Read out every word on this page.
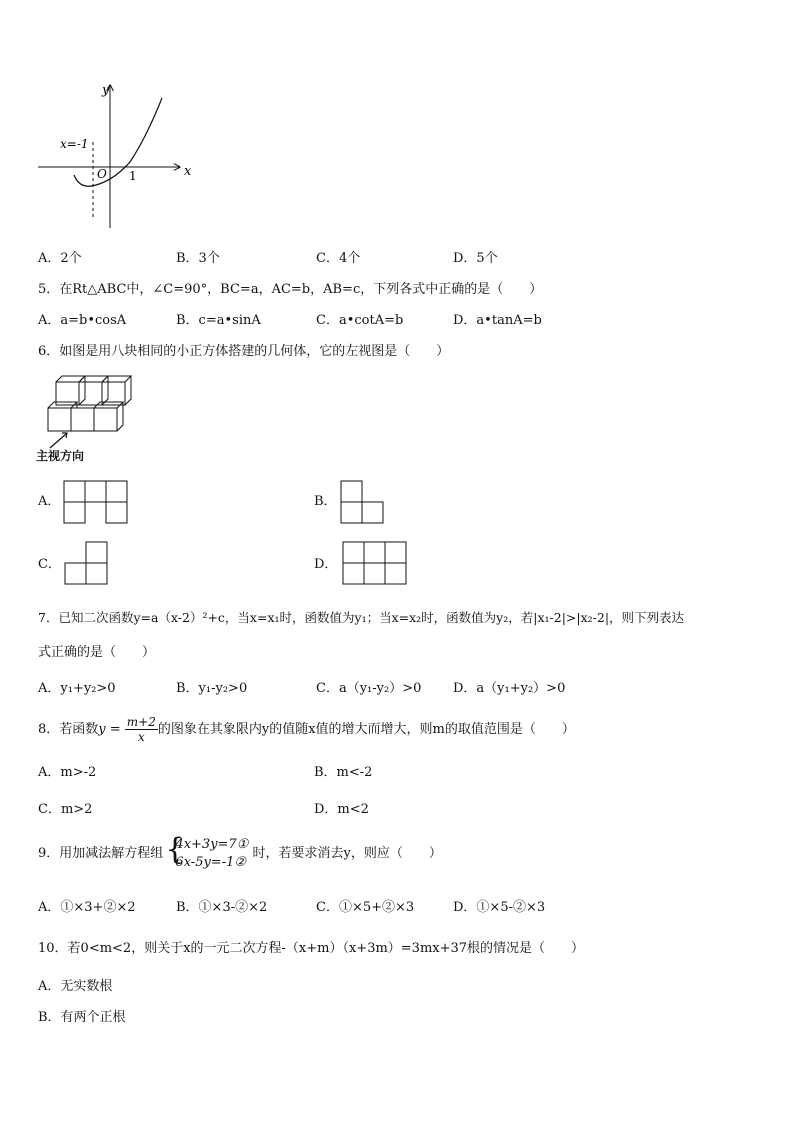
y
x
O
x=-1
1
A．2个	B．3个	C．4个	D．5个
5．在Rt△ABC中，∠C=90°，BC=a，AC=b，AB=c，下列各式中正确的是（　　）
A．a=b•cosA	B．c=a•sinA	C．a•cotA=b	D．a•tanA=b
6．如图是用八块相同的小正方体搭建的几何体，它的左视图是（　　）
主视方向
A．	B．
C．	D．
7．已知二次函数y=a（x-2）²+c，当x=x₁时，函数值为y₁；当x=x₂时，函数值为y₂，若|x₁-2|>|x₂-2|，则下列表达
式正确的是（　　）
A．y₁+y₂>0	B．y₁-y₂>0	C．a（y₁-y₂）>0 D．a（y₁+y₂）>0
8．若函数$y = \frac{m+2}{x}$ 的图象在其象限内y的值随x值的增大而增大，则m的取值范围是（　　）
A．m>-2	B．m<-2
C．m>2	D．m<2
9．用加减法解方程组 {
4x+3y=7①
6x-5y=-1②
时，若要求消去y，则应（　　）
A．①×3+②×2	B．①×3-②×2	C．①×5+②×3	D．①×5-②×3
10．若0<m<2，则关于x的一元二次方程-（x+m）（x+3m）=3mx+37根的情况是（　　）
A．无实数根
B．有两个正根
